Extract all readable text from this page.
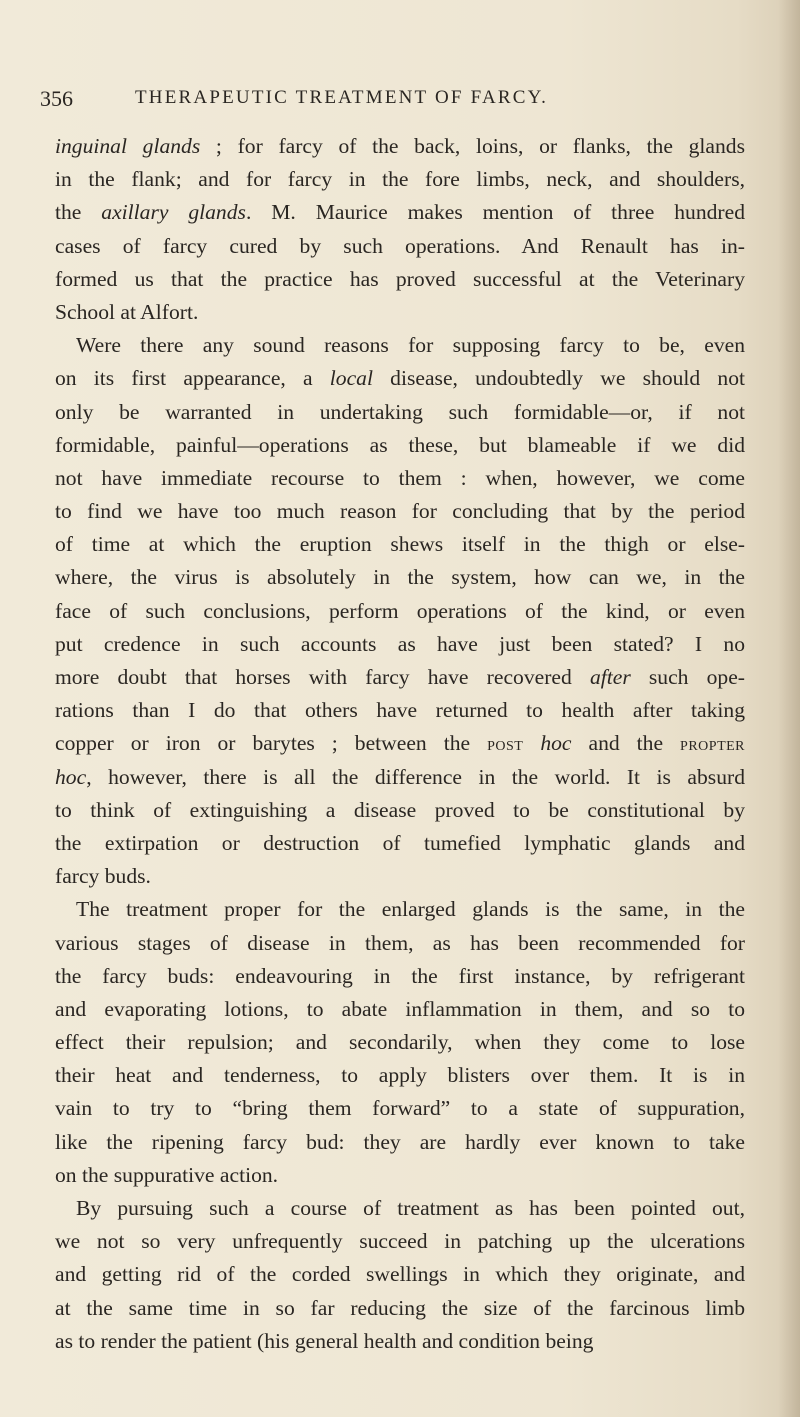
356	THERAPEUTIC TREATMENT OF FARCY.
inguinal glands ; for farcy of the back, loins, or flanks, the glands
in the flank; and for farcy in the fore limbs, neck, and shoulders,
the axillary glands. M. Maurice makes mention of three hundred
cases of farcy cured by such operations. And Renault has in-
formed us that the practice has proved successful at the Veterinary
School at Alfort.
Were there any sound reasons for supposing farcy to be, even
on its first appearance, a local disease, undoubtedly we should not
only be warranted in undertaking such formidable—or, if not
formidable, painful—operations as these, but blameable if we did
not have immediate recourse to them : when, however, we come
to find we have too much reason for concluding that by the period
of time at which the eruption shews itself in the thigh or else-
where, the virus is absolutely in the system, how can we, in the
face of such conclusions, perform operations of the kind, or even
put credence in such accounts as have just been stated? I no
more doubt that horses with farcy have recovered after such ope-
rations than I do that others have returned to health after taking
copper or iron or barytes ; between the post hoc and the propter
hoc, however, there is all the difference in the world. It is absurd
to think of extinguishing a disease proved to be constitutional by
the extirpation or destruction of tumefied lymphatic glands and
farcy buds.
The treatment proper for the enlarged glands is the same, in the
various stages of disease in them, as has been recommended for
the farcy buds: endeavouring in the first instance, by refrigerant
and evaporating lotions, to abate inflammation in them, and so to
effect their repulsion; and secondarily, when they come to lose
their heat and tenderness, to apply blisters over them. It is in
vain to try to “bring them forward” to a state of suppuration,
like the ripening farcy bud: they are hardly ever known to take
on the suppurative action.
By pursuing such a course of treatment as has been pointed out,
we not so very unfrequently succeed in patching up the ulcerations
and getting rid of the corded swellings in which they originate, and
at the same time in so far reducing the size of the farcinous limb
as to render the patient (his general health and condition being
